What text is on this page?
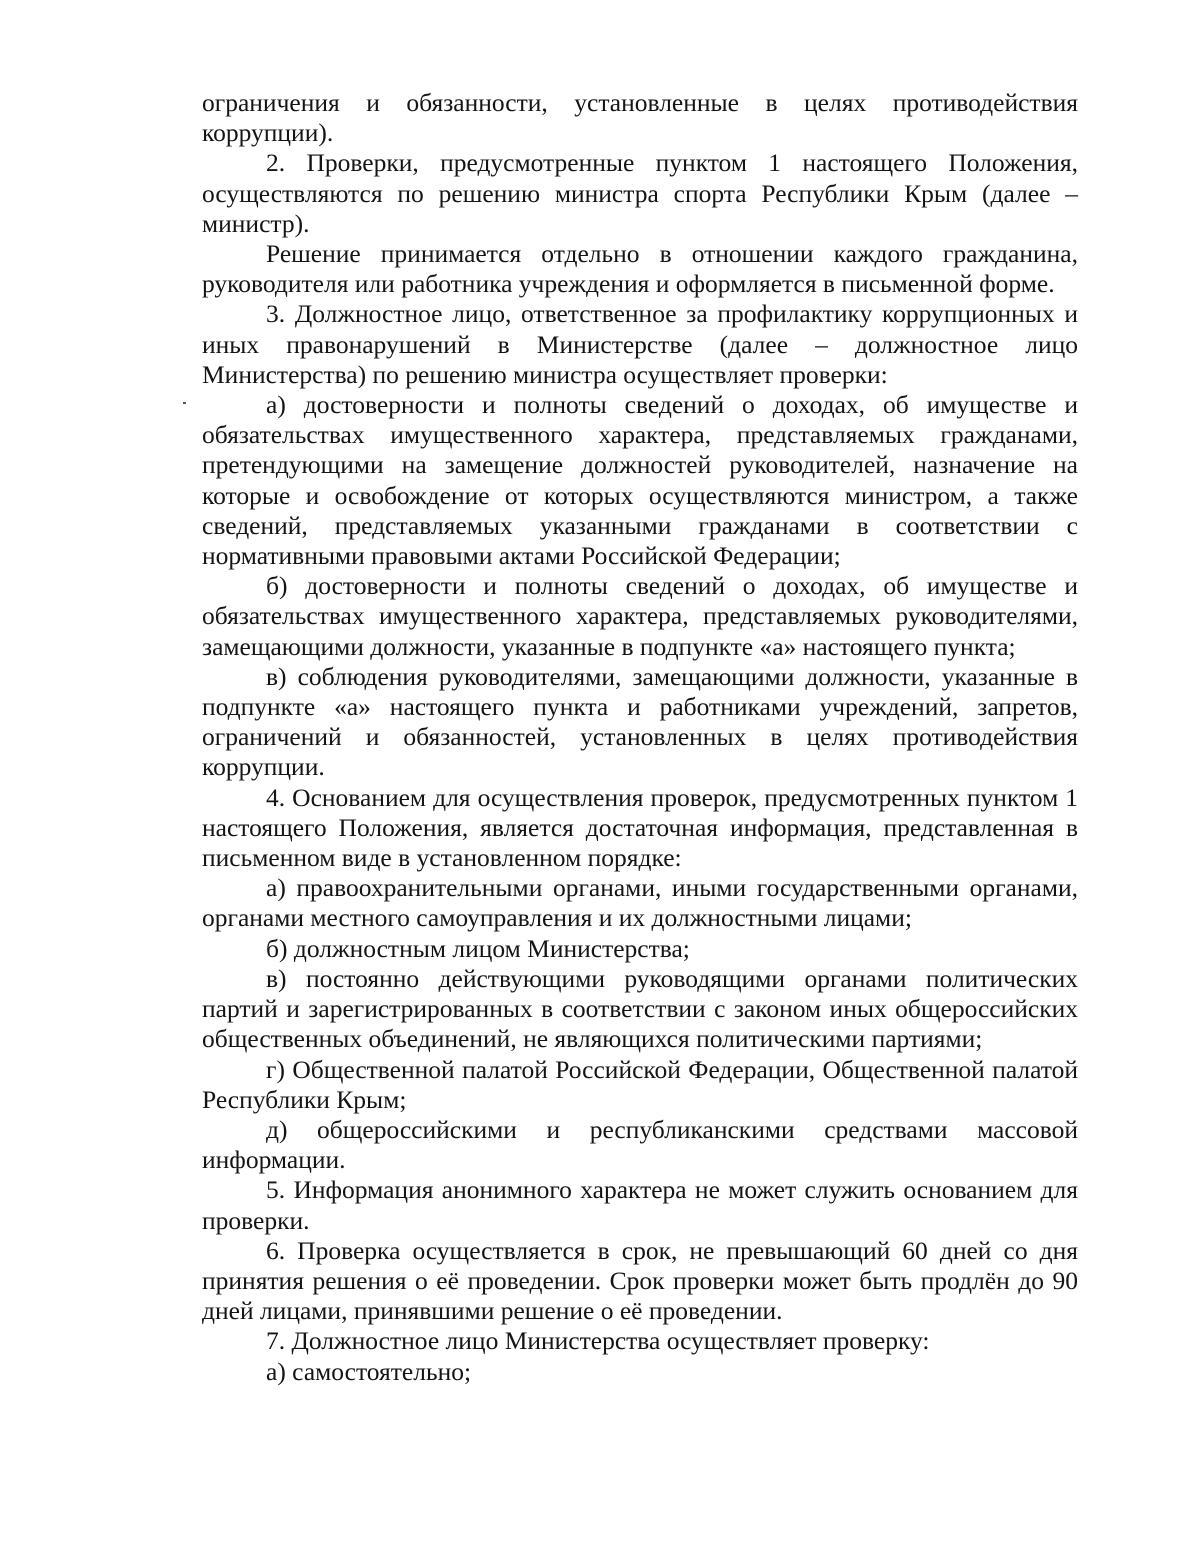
ограничения и обязанности, установленные в целях противодействия коррупции).

2. Проверки, предусмотренные пунктом 1 настоящего Положения, осуществляются по решению министра спорта Республики Крым (далее – министр).

Решение принимается отдельно в отношении каждого гражданина, руководителя или работника учреждения и оформляется в письменной форме.

3. Должностное лицо, ответственное за профилактику коррупционных и иных правонарушений в Министерстве (далее – должностное лицо Министерства) по решению министра осуществляет проверки:

а) достоверности и полноты сведений о доходах, об имуществе и обязательствах имущественного характера, представляемых гражданами, претендующими на замещение должностей руководителей, назначение на которые и освобождение от которых осуществляются министром, а также сведений, представляемых указанными гражданами в соответствии с нормативными правовыми актами Российской Федерации;

б) достоверности и полноты сведений о доходах, об имуществе и обязательствах имущественного характера, представляемых руководителями, замещающими должности, указанные в подпункте «а» настоящего пункта;

в) соблюдения руководителями, замещающими должности, указанные в подпункте «а» настоящего пункта и работниками учреждений, запретов, ограничений и обязанностей, установленных в целях противодействия коррупции.

4. Основанием для осуществления проверок, предусмотренных пунктом 1 настоящего Положения, является достаточная информация, представленная в письменном виде в установленном порядке:

а) правоохранительными органами, иными государственными органами, органами местного самоуправления и их должностными лицами;

б) должностным лицом Министерства;

в) постоянно действующими руководящими органами политических партий и зарегистрированных в соответствии с законом иных общероссийских общественных объединений, не являющихся политическими партиями;

г) Общественной палатой Российской Федерации, Общественной палатой Республики Крым;

д) общероссийскими и республиканскими средствами массовой информации.

5. Информация анонимного характера не может служить основанием для проверки.

6. Проверка осуществляется в срок, не превышающий 60 дней со дня принятия решения о её проведении. Срок проверки может быть продлён до 90 дней лицами, принявшими решение о её проведении.

7. Должностное лицо Министерства осуществляет проверку:

а) самостоятельно;
